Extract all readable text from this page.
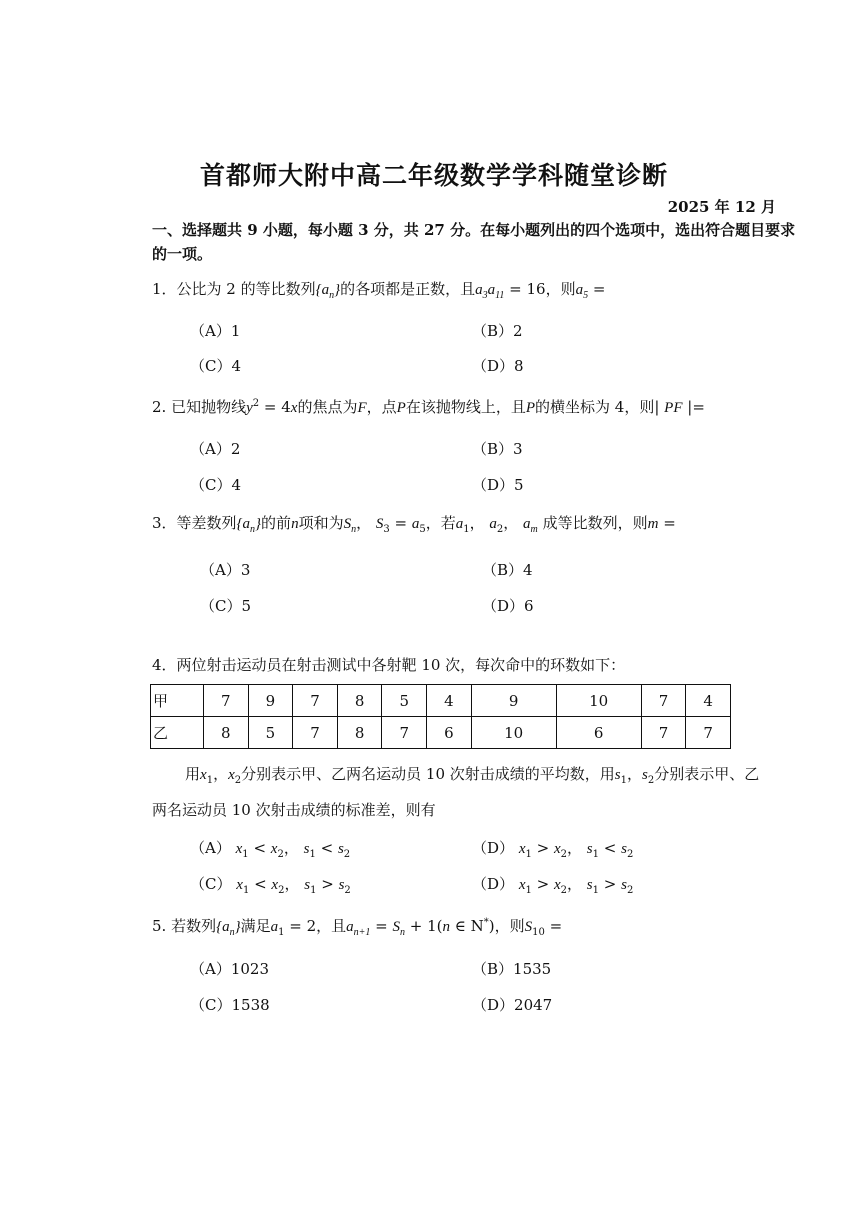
首都师大附中高二年级数学学科随堂诊断
2025 年 12 月
一、选择题共 9 小题，每小题 3 分，共 27 分。在每小题列出的四个选项中，选出符合题目要求的一项。
1．公比为 2 的等比数列$\{a_n\}$的各项都是正数，且$a_3a_{11} = 16$，则$a_5$ =
（A）1	（B）2
（C）4	（D）8
2. 已知抛物线$y^2 = 4x$的焦点为F，点P在该抛物线上，且P的横坐标为 4，则| PF |=
（A）2	（B）3
（C）4	（D）5
3．等差数列$\{a_n\}$的前n项和为$S_n$， $S_3 = a_5$，若$a_1$， $a_2$， $a_m$ 成等比数列，则m =
（A）3	（B）4
（C）5	（D）6
4．两位射击运动员在射击测试中各射靶 10 次，每次命中的环数如下：
甲	7	9	7	8	5	4	9	10	7	4
乙	8	5	7	8	7	6	10	6	7	7
用$x_1$，$x_2$分别表示甲、乙两名运动员 10 次射击成绩的平均数，用$s_1$，$s_2$分别表示甲、乙
两名运动员 10 次射击成绩的标准差，则有
（A） $x_1 < x_2$， $s_1 < s_2$	（D） $x_1 > x_2$， $s_1 < s_2$
（C） $x_1 < x_2$， $s_1 > s_2$	（D） $x_1 > x_2$， $s_1 > s_2$
5. 若数列$\{a_n\}$满足$a_1 = 2$，且$a_{n+1} = S_n + 1(n$ ∈ N*)，则$S_{10}$ =
（A）1023	（B）1535
（C）1538	（D）2047
